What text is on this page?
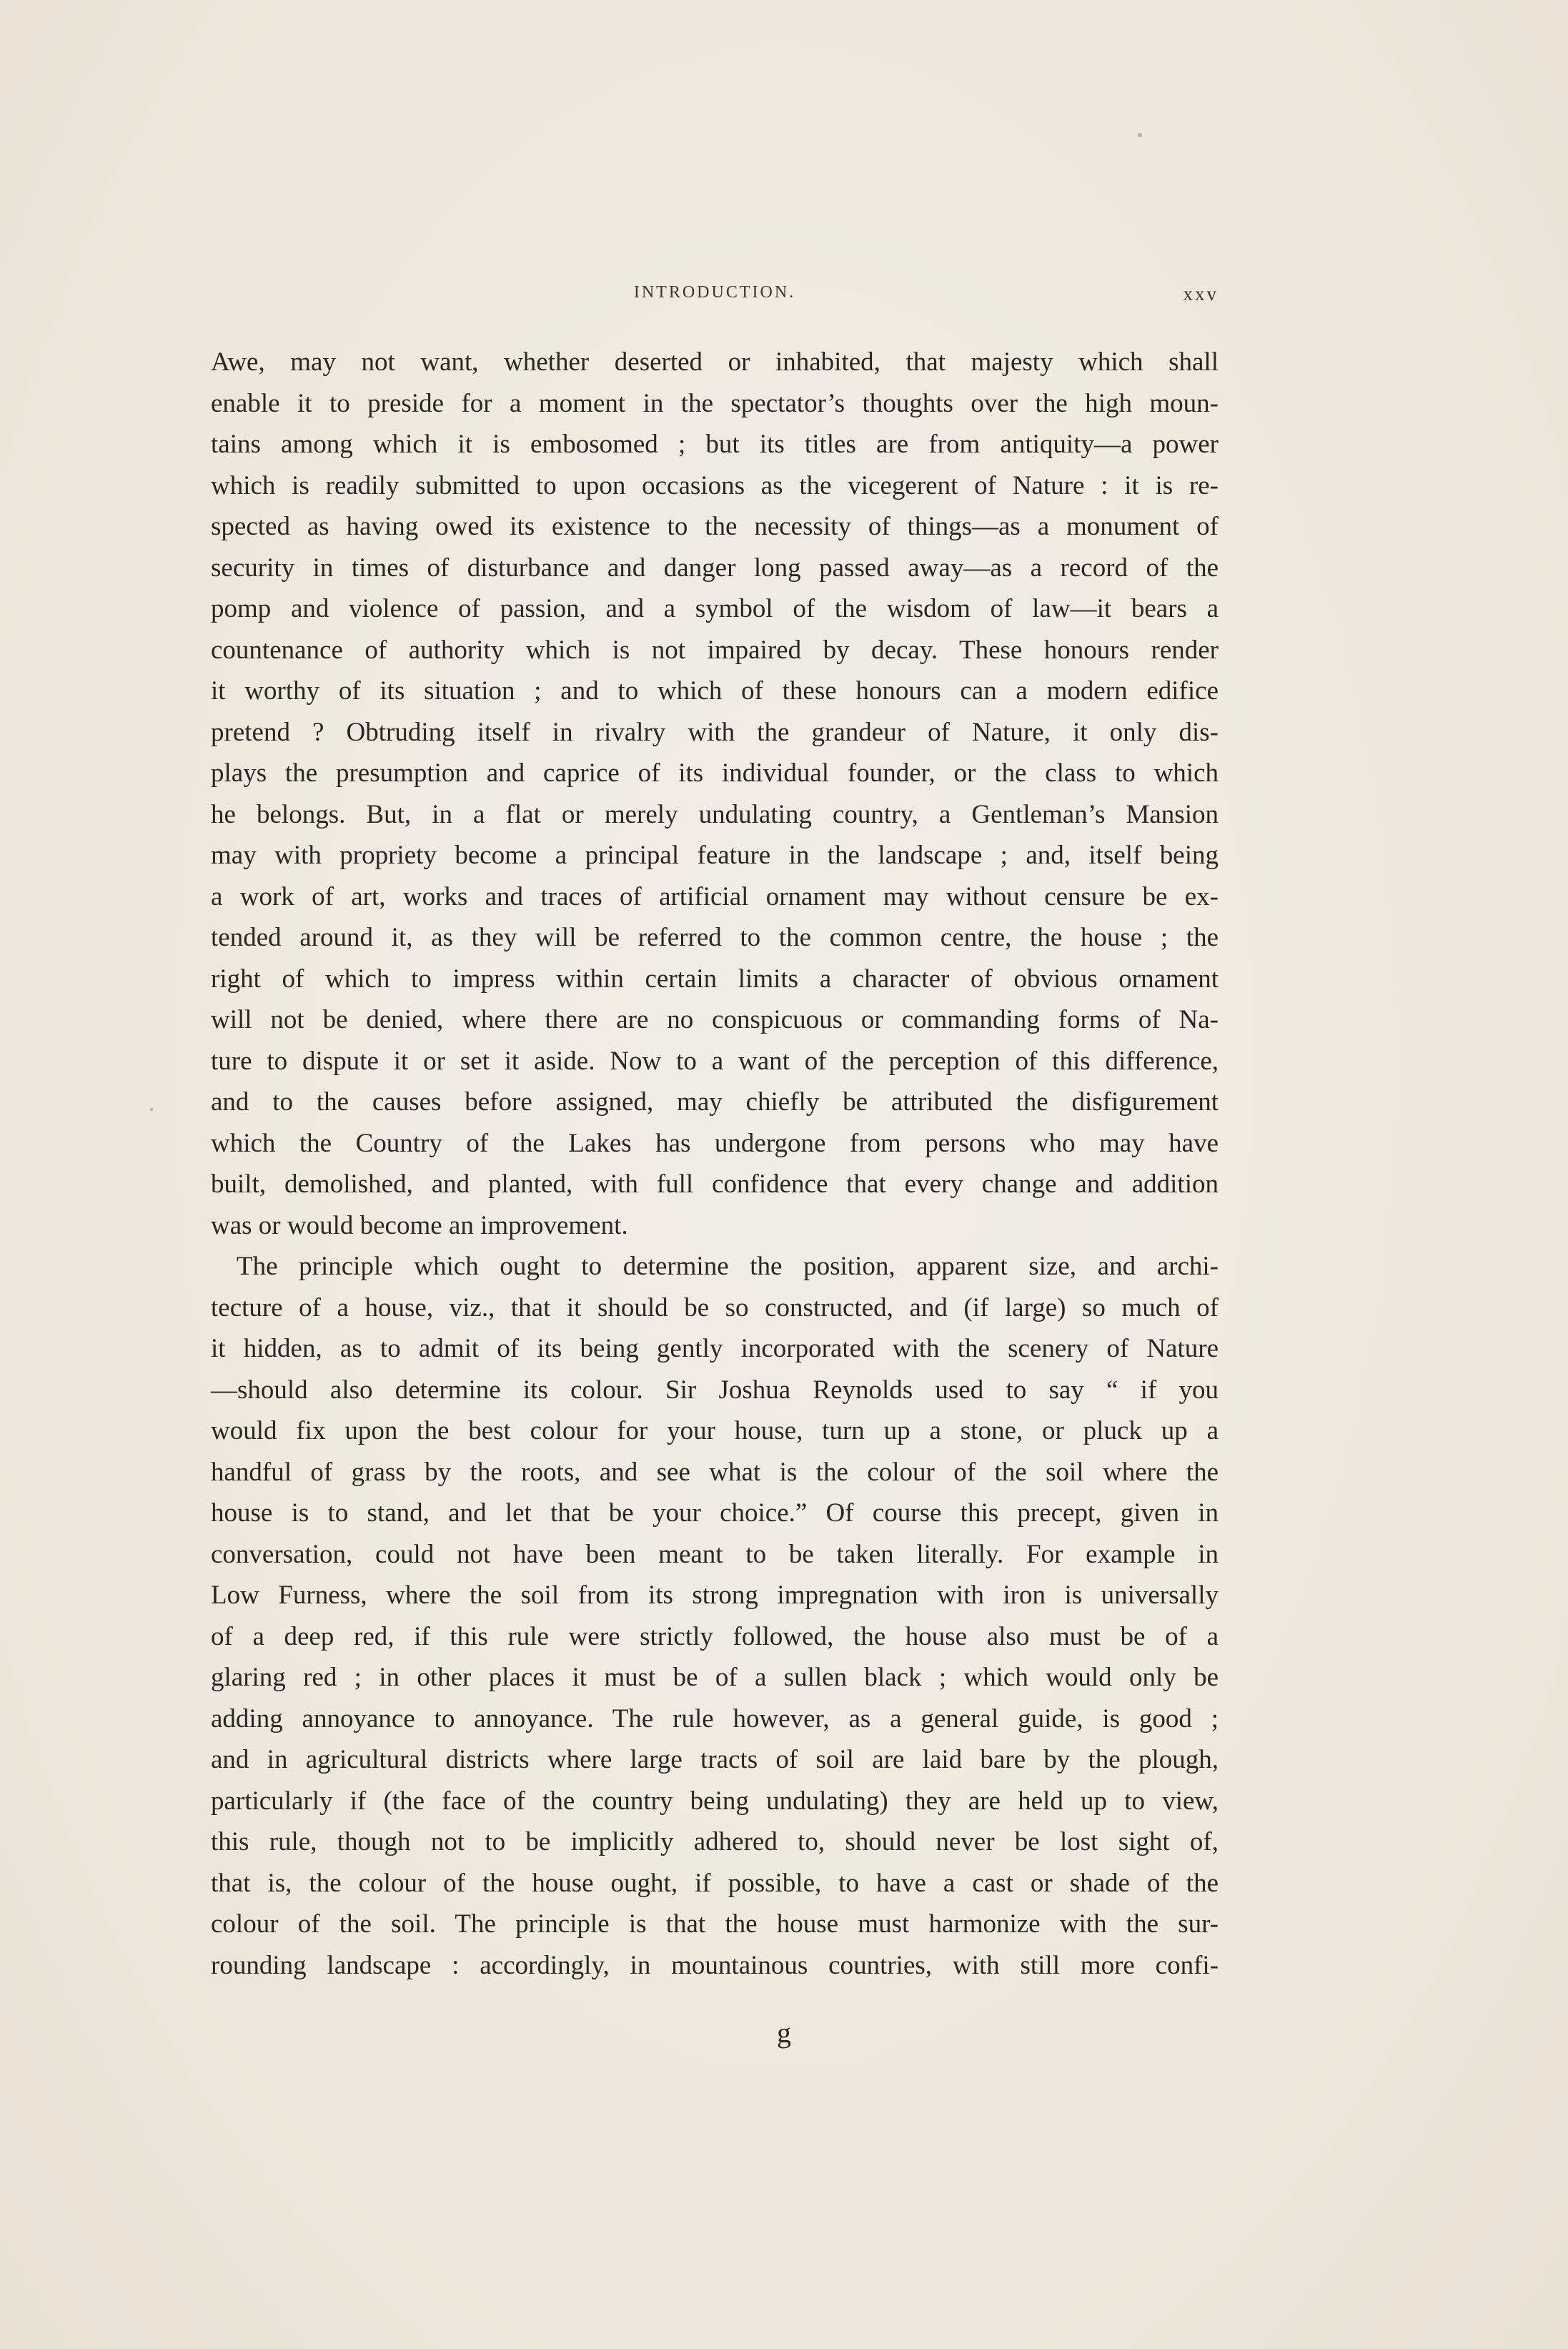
INTRODUCTION.	xxv
Awe, may not want, whether deserted or inhabited, that majesty which shall
enable it to preside for a moment in the spectator’s thoughts over the high moun-
tains among which it is embosomed ; but its titles are from antiquity—a power
which is readily submitted to upon occasions as the vicegerent of Nature : it is re-
spected as having owed its existence to the necessity of things—as a monument of
security in times of disturbance and danger long passed away—as a record of the
pomp and violence of passion, and a symbol of the wisdom of law—it bears a
countenance of authority which is not impaired by decay. These honours render
it worthy of its situation ; and to which of these honours can a modern edifice
pretend ? Obtruding itself in rivalry with the grandeur of Nature, it only dis-
plays the presumption and caprice of its individual founder, or the class to which
he belongs. But, in a flat or merely undulating country, a Gentleman’s Mansion
may with propriety become a principal feature in the landscape ; and, itself being
a work of art, works and traces of artificial ornament may without censure be ex-
tended around it, as they will be referred to the common centre, the house ; the
right of which to impress within certain limits a character of obvious ornament
will not be denied, where there are no conspicuous or commanding forms of Na-
ture to dispute it or set it aside. Now to a want of the perception of this difference,
and to the causes before assigned, may chiefly be attributed the disfigurement
which the Country of the Lakes has undergone from persons who may have
built, demolished, and planted, with full confidence that every change and addition
was or would become an improvement.
The principle which ought to determine the position, apparent size, and archi-
tecture of a house, viz., that it should be so constructed, and (if large) so much of
it hidden, as to admit of its being gently incorporated with the scenery of Nature
—should also determine its colour. Sir Joshua Reynolds used to say “ if you
would fix upon the best colour for your house, turn up a stone, or pluck up a
handful of grass by the roots, and see what is the colour of the soil where the
house is to stand, and let that be your choice.” Of course this precept, given in
conversation, could not have been meant to be taken literally. For example in
Low Furness, where the soil from its strong impregnation with iron is universally
of a deep red, if this rule were strictly followed, the house also must be of a
glaring red ; in other places it must be of a sullen black ; which would only be
adding annoyance to annoyance. The rule however, as a general guide, is good ;
and in agricultural districts where large tracts of soil are laid bare by the plough,
particularly if (the face of the country being undulating) they are held up to view,
this rule, though not to be implicitly adhered to, should never be lost sight of,
that is, the colour of the house ought, if possible, to have a cast or shade of the
colour of the soil. The principle is that the house must harmonize with the sur-
rounding landscape : accordingly, in mountainous countries, with still more confi-
g
